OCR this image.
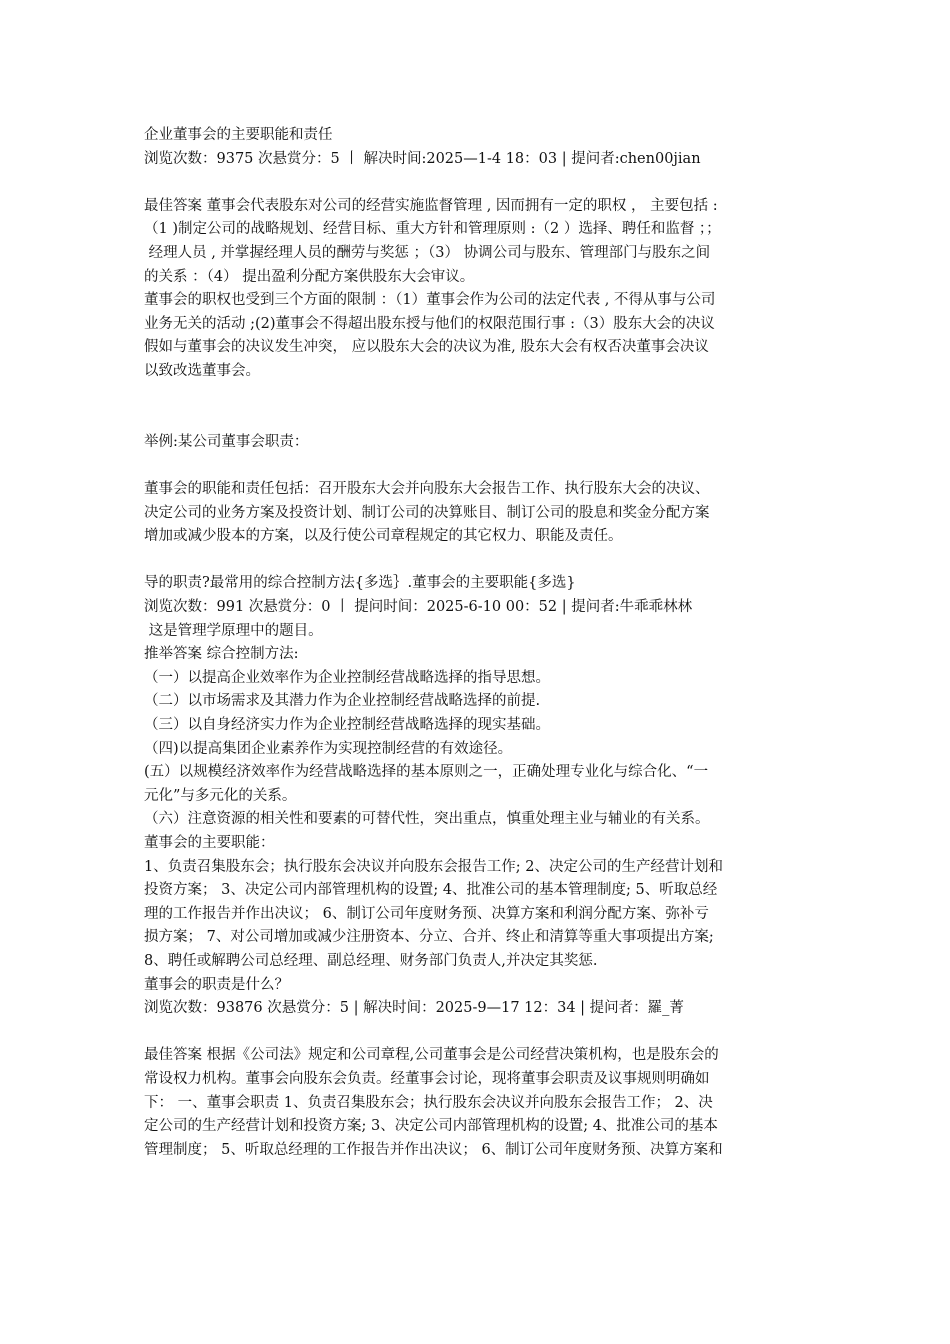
企业董事会的主要职能和责任
浏览次数：9375 次悬赏分：5 丨 解决时间:2025—1-4 18：03 | 提问者:chen00jian
最佳答案 董事会代表股东对公司的经营实施监督管理 , 因而拥有一定的职权 ， 主要包括 :
（1 )制定公司的战略规划、经营目标、重大方针和管理原则 :（2 ）选择、聘任和监督 ；；
经理人员 , 并掌握经理人员的酬劳与奖惩 ；（3） 协调公司与股东、管理部门与股东之间
的关系 ：（4） 提出盈利分配方案供股东大会审议。
董事会的职权也受到三个方面的限制 ：（1）董事会作为公司的法定代表 , 不得从事与公司
业务无关的活动 ;(2)董事会不得超出股东授与他们的权限范围行事 :（3）股东大会的决议
假如与董事会的决议发生冲突， 应以股东大会的决议为准, 股东大会有权否决董事会决议
以致改选董事会。
举例:某公司董事会职责：
董事会的职能和责任包括：召开股东大会并向股东大会报告工作、执行股东大会的决议、
决定公司的业务方案及投资计划、制订公司的决算账目、制订公司的股息和奖金分配方案
增加或减少股本的方案，以及行使公司章程规定的其它权力、职能及责任。
导的职责?最常用的综合控制方法{多选｝.董事会的主要职能{多选}
浏览次数：991 次悬赏分：0 丨 提问时间：2025-6-10 00：52 | 提问者:牛乖乖林林
这是管理学原理中的题目。
推举答案 综合控制方法:
（一）以提高企业效率作为企业控制经营战略选择的指导思想。
（二）以市场需求及其潜力作为企业控制经营战略选择的前提.
（三）以自身经济实力作为企业控制经营战略选择的现实基础。
（四)以提高集团企业素养作为实现控制经营的有效途径。
(五）以规模经济效率作为经营战略选择的基本原则之一，正确处理专业化与综合化、“一
元化”与多元化的关系。
（六）注意资源的相关性和要素的可替代性，突出重点，慎重处理主业与辅业的有关系。
董事会的主要职能：
1、负责召集股东会；执行股东会决议并向股东会报告工作; 2、决定公司的生产经营计划和
投资方案； 3、决定公司内部管理机构的设置; 4、批准公司的基本管理制度; 5、听取总经
理的工作报告并作出决议； 6、制订公司年度财务预、决算方案和利润分配方案、弥补亏
损方案； 7、对公司增加或减少注册资本、分立、合并、终止和清算等重大事项提出方案;
8、聘任或解聘公司总经理、副总经理、财务部门负责人,并决定其奖惩.
董事会的职责是什么？
浏览次数：93876 次悬赏分：5 | 解决时间：2025-9—17 12：34 | 提问者：羅_菁
最佳答案 根据《公司法》规定和公司章程,公司董事会是公司经营决策机构，也是股东会的
常设权力机构。董事会向股东会负责。经董事会讨论，现将董事会职责及议事规则明确如
下： 一、董事会职责 1、负责召集股东会；执行股东会决议并向股东会报告工作； 2、决
定公司的生产经营计划和投资方案; 3、决定公司内部管理机构的设置; 4、批准公司的基本
管理制度； 5、听取总经理的工作报告并作出决议； 6、制订公司年度财务预、决算方案和
